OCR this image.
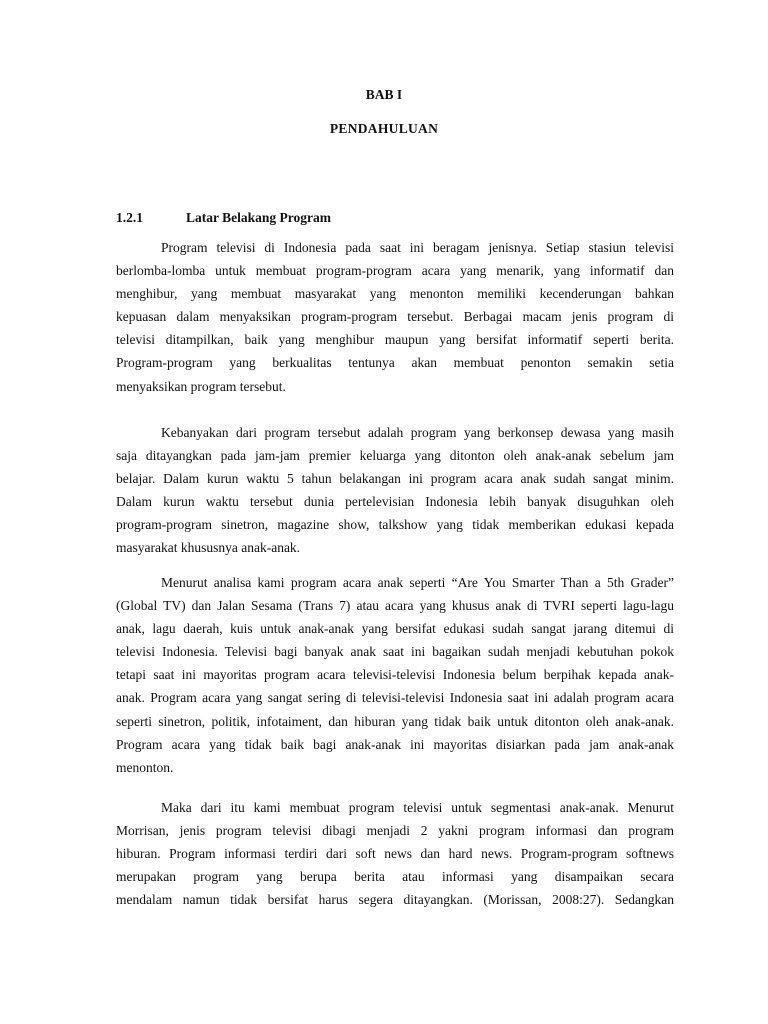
BAB I
PENDAHULUAN
1.2.1	Latar Belakang Program

Program televisi di Indonesia pada saat ini beragam jenisnya. Setiap stasiun televisi
berlomba-lomba untuk membuat program-program acara yang menarik, yang informatif dan
menghibur, yang membuat masyarakat yang menonton memiliki kecenderungan bahkan
kepuasan dalam menyaksikan program-program tersebut. Berbagai macam jenis program di
televisi ditampilkan, baik yang menghibur maupun yang bersifat informatif seperti berita.
Program-program yang berkualitas tentunya akan membuat penonton semakin setia
menyaksikan program tersebut.

Kebanyakan dari program tersebut adalah program yang berkonsep dewasa yang masih
saja ditayangkan pada jam-jam premier keluarga yang ditonton oleh anak-anak sebelum jam
belajar. Dalam kurun waktu 5 tahun belakangan ini program acara anak sudah sangat minim.
Dalam kurun waktu tersebut dunia pertelevisian Indonesia lebih banyak disuguhkan oleh
program-program sinetron, magazine show, talkshow yang tidak memberikan edukasi kepada
masyarakat khususnya anak-anak.

Menurut analisa kami program acara anak seperti “Are You Smarter Than a 5th Grader”
(Global TV) dan Jalan Sesama (Trans 7) atau acara yang khusus anak di TVRI seperti lagu-lagu
anak, lagu daerah, kuis untuk anak-anak yang bersifat edukasi sudah sangat jarang ditemui di
televisi Indonesia. Televisi bagi banyak anak saat ini bagaikan sudah menjadi kebutuhan pokok
tetapi saat ini mayoritas program acara televisi-televisi Indonesia belum berpihak kepada anak-
anak. Program acara yang sangat sering di televisi-televisi Indonesia saat ini adalah program acara
seperti sinetron, politik, infotaiment, dan hiburan yang tidak baik untuk ditonton oleh anak-anak.
Program acara yang tidak baik bagi anak-anak ini mayoritas disiarkan pada jam anak-anak
menonton.

Maka dari itu kami membuat program televisi untuk segmentasi anak-anak. Menurut
Morrisan, jenis program televisi dibagi menjadi 2 yakni program informasi dan program
hiburan. Program informasi terdiri dari soft news dan hard news. Program-program softnews
merupakan program yang berupa berita atau informasi yang disampaikan secara
mendalam namun tidak bersifat harus segera ditayangkan. (Morissan, 2008:27). Sedangkan
